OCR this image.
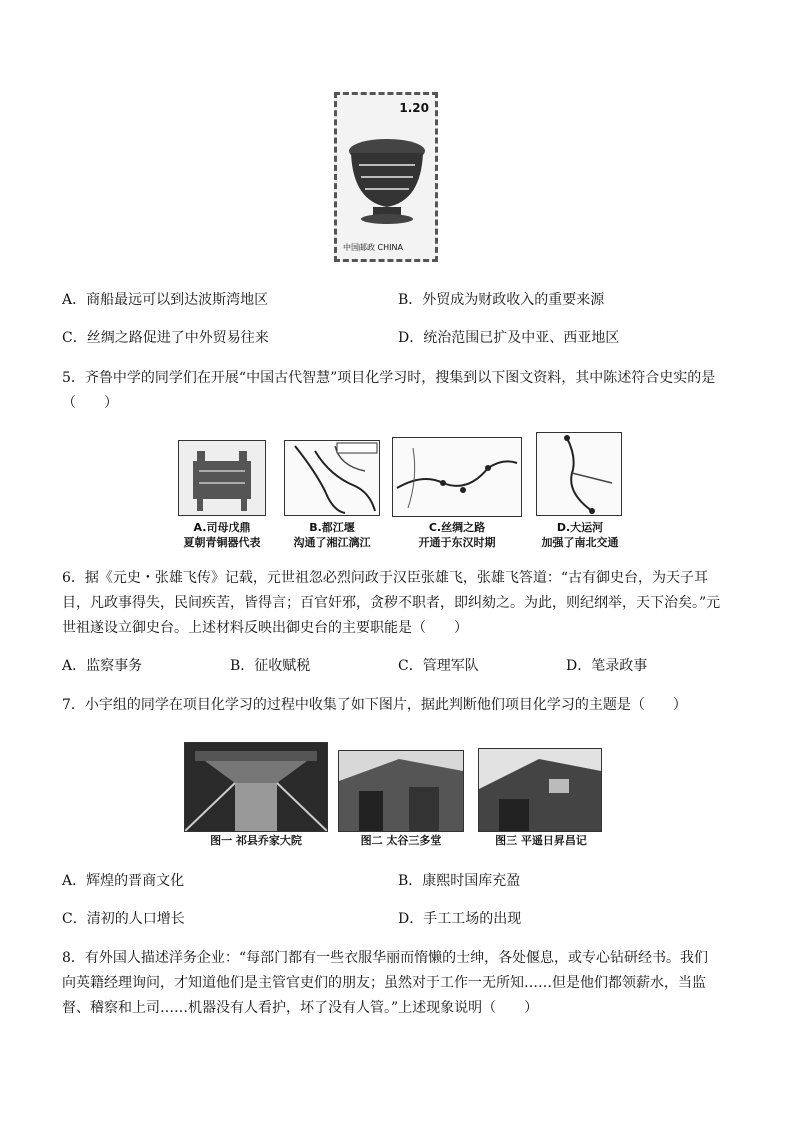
1.20
中国邮政 CHINA
A．商船最远可以到达波斯湾地区	B．外贸成为财政收入的重要来源
C．丝绸之路促进了中外贸易往来	D．统治范围已扩及中亚、西亚地区
5．齐鲁中学的同学们在开展“中国古代智慧”项目化学习时，搜集到以下图文资料，其中陈述符合史实的是
（　　）
A.司母戊鼎
夏朝青铜器代表
B.都江堰
沟通了湘江漓江
C.丝绸之路
开通于东汉时期
D.大运河
加强了南北交通
6．据《元史・张雄飞传》记载，元世祖忽必烈问政于汉臣张雄飞，张雄飞答道：“古有御史台，为天子耳目，凡政事得失，民间疾苦，皆得言；百官奸邪，贪秽不职者，即纠劾之。为此，则纪纲举，天下治矣。”元世祖遂设立御史台。上述材料反映出御史台的主要职能是（　　）
A．监察事务	B．征收赋税	C．管理军队	D．笔录政事
7．小宇组的同学在项目化学习的过程中收集了如下图片，据此判断他们项目化学习的主题是（　　）
图一 祁县乔家大院	图二 太谷三多堂	图三 平遥日昇昌记
A．辉煌的晋商文化	B．康熙时国库充盈
C．清初的人口增长	D．手工工场的出现
8．有外国人描述洋务企业：“每部门都有一些衣服华丽而惰懒的士绅，各处偃息，或专心钻研经书。我们向英籍经理询问，才知道他们是主管官吏们的朋友；虽然对于工作一无所知……但是他们都领薪水，当监督、稽察和上司……机器没有人看护，坏了没有人管。”上述现象说明（　　）
